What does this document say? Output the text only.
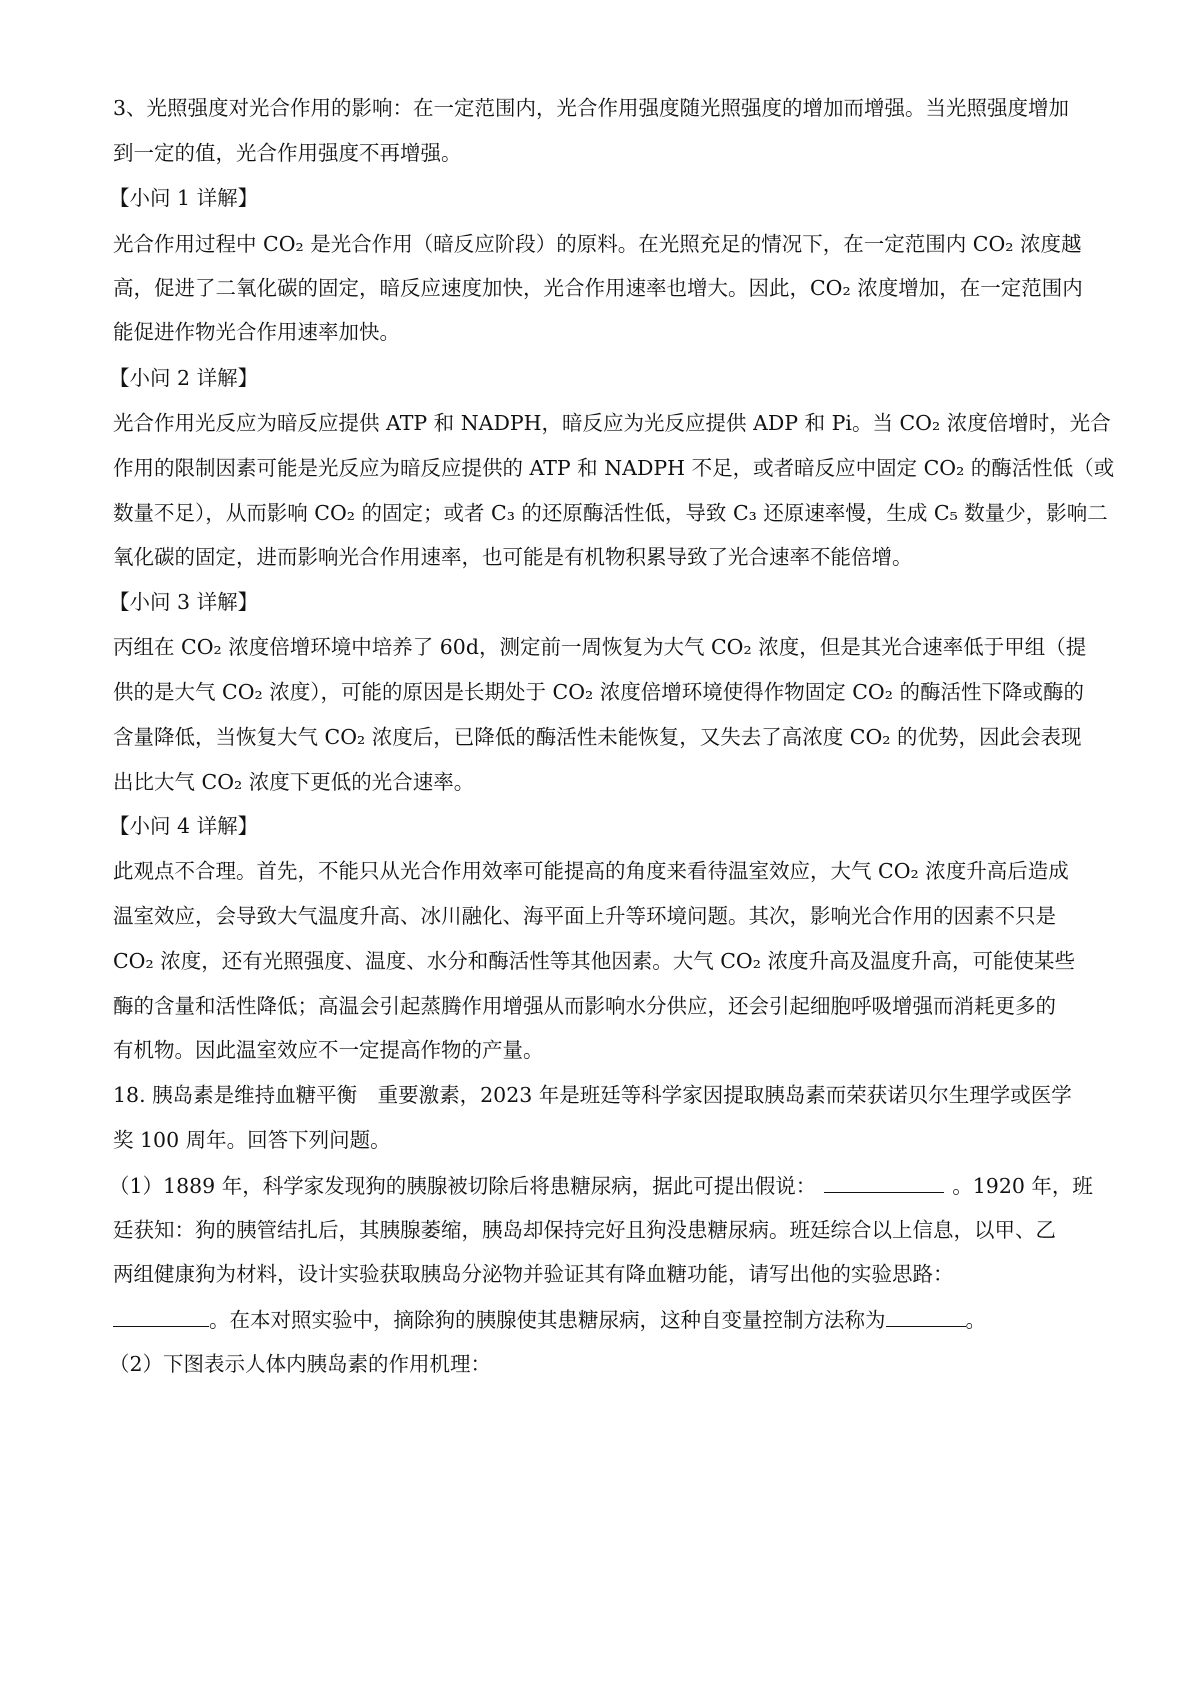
3、光照强度对光合作用的影响：在一定范围内，光合作用强度随光照强度的增加而增强。当光照强度增加
到一定的值，光合作用强度不再增强。
【小问 1 详解】
光合作用过程中 CO₂ 是光合作用（暗反应阶段）的原料。在光照充足的情况下，在一定范围内 CO₂ 浓度越
高，促进了二氧化碳的固定，暗反应速度加快，光合作用速率也增大。因此，CO₂ 浓度增加，在一定范围内
能促进作物光合作用速率加快。
【小问 2 详解】
光合作用光反应为暗反应提供 ATP 和 NADPH，暗反应为光反应提供 ADP 和 Pi。当 CO₂ 浓度倍增时，光合
作用的限制因素可能是光反应为暗反应提供的 ATP 和 NADPH 不足，或者暗反应中固定 CO₂ 的酶活性低（或
数量不足），从而影响 CO₂ 的固定；或者 C₃ 的还原酶活性低，导致 C₃ 还原速率慢，生成 C₅ 数量少，影响二
氧化碳的固定，进而影响光合作用速率，也可能是有机物积累导致了光合速率不能倍增。
【小问 3 详解】
丙组在 CO₂ 浓度倍增环境中培养了 60d，测定前一周恢复为大气 CO₂ 浓度，但是其光合速率低于甲组（提
供的是大气 CO₂ 浓度），可能的原因是长期处于 CO₂ 浓度倍增环境使得作物固定 CO₂ 的酶活性下降或酶的
含量降低，当恢复大气 CO₂ 浓度后，已降低的酶活性未能恢复，又失去了高浓度 CO₂ 的优势，因此会表现
出比大气 CO₂ 浓度下更低的光合速率。
【小问 4 详解】
此观点不合理。首先，不能只从光合作用效率可能提高的角度来看待温室效应，大气 CO₂ 浓度升高后造成
温室效应，会导致大气温度升高、冰川融化、海平面上升等环境问题。其次，影响光合作用的因素不只是
CO₂ 浓度，还有光照强度、温度、水分和酶活性等其他因素。大气 CO₂ 浓度升高及温度升高，可能使某些
酶的含量和活性降低；高温会引起蒸腾作用增强从而影响水分供应，还会引起细胞呼吸增强而消耗更多的
有机物。因此温室效应不一定提高作物的产量。
18. 胰岛素是维持血糖平衡　重要激素，2023 年是班廷等科学家因提取胰岛素而荣获诺贝尔生理学或医学
奖 100 周年。回答下列问题。
（1）1889 年，科学家发现狗的胰腺被切除后将患糖尿病，据此可提出假说：	。1920 年，班
廷获知：狗的胰管结扎后，其胰腺萎缩，胰岛却保持完好且狗没患糖尿病。班廷综合以上信息，以甲、乙
两组健康狗为材料，设计实验获取胰岛分泌物并验证其有降血糖功能，请写出他的实验思路：
。在本对照实验中，摘除狗的胰腺使其患糖尿病，这种自变量控制方法称为	。
（2）下图表示人体内胰岛素的作用机理：
